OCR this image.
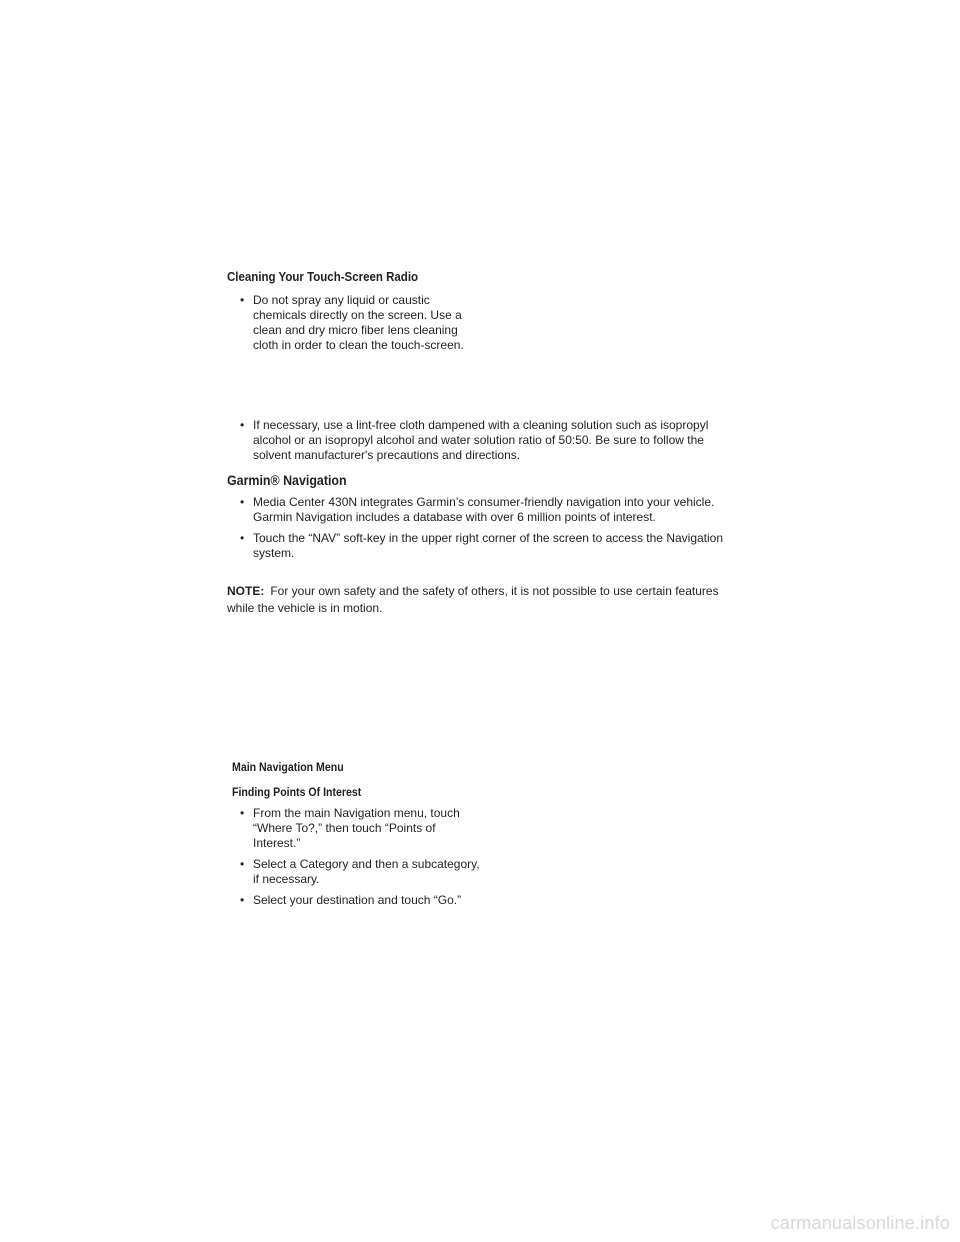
Cleaning Your Touch-Screen Radio
• Do not spray any liquid or caustic chemicals directly on the screen. Use a clean and dry micro fiber lens cleaning cloth in order to clean the touch-screen.
• If necessary, use a lint-free cloth dampened with a cleaning solution such as isopropyl alcohol or an isopropyl alcohol and water solution ratio of 50:50. Be sure to follow the solvent manufacturer's precautions and directions.
Garmin® Navigation
• Media Center 430N integrates Garmin’s consumer-friendly navigation into your vehicle. Garmin Navigation includes a database with over 6 million points of interest.
• Touch the “NAV” soft-key in the upper right corner of the screen to access the Navigation system.
NOTE: For your own safety and the safety of others, it is not possible to use certain features while the vehicle is in motion.
Main Navigation Menu
Finding Points Of Interest
• From the main Navigation menu, touch “Where To?,” then touch “Points of Interest.”
• Select a Category and then a subcategory, if necessary.
• Select your destination and touch “Go.”
carmanualsonline.info
